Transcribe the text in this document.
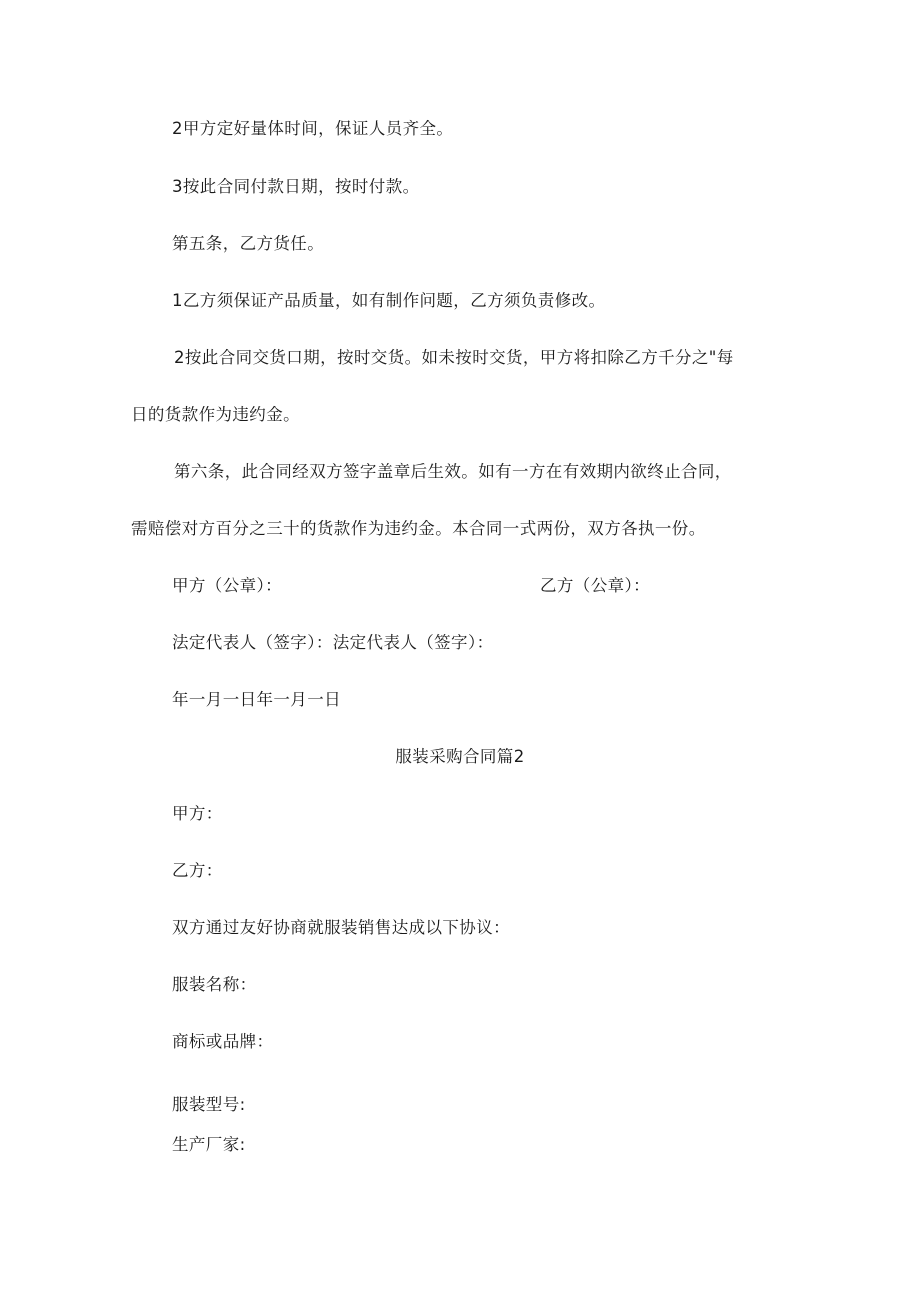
2甲方定好量体时间，保证人员齐全。
3按此合同付款日期，按时付款。
第五条，乙方货任。
1乙方须保证产品质量，如有制作问题，乙方须负责修改。
2按此合同交货口期，按时交货。如未按时交货，甲方将扣除乙方千分之"每
日的货款作为违约金。
第六条，此合同经双方签字盖章后生效。如有一方在有效期内欲终止合同，
需赔偿对方百分之三十的货款作为违约金。本合同一式两份，双方各执一份。
甲方（公章）：	乙方（公章）：
法定代表人（签字）：法定代表人（签字）：
年一月一日年一月一日
服装采购合同篇2
甲方：
乙方：
双方通过友好协商就服装销售达成以下协议：
服装名称：
商标或品牌：
服装型号:
生产厂家:
